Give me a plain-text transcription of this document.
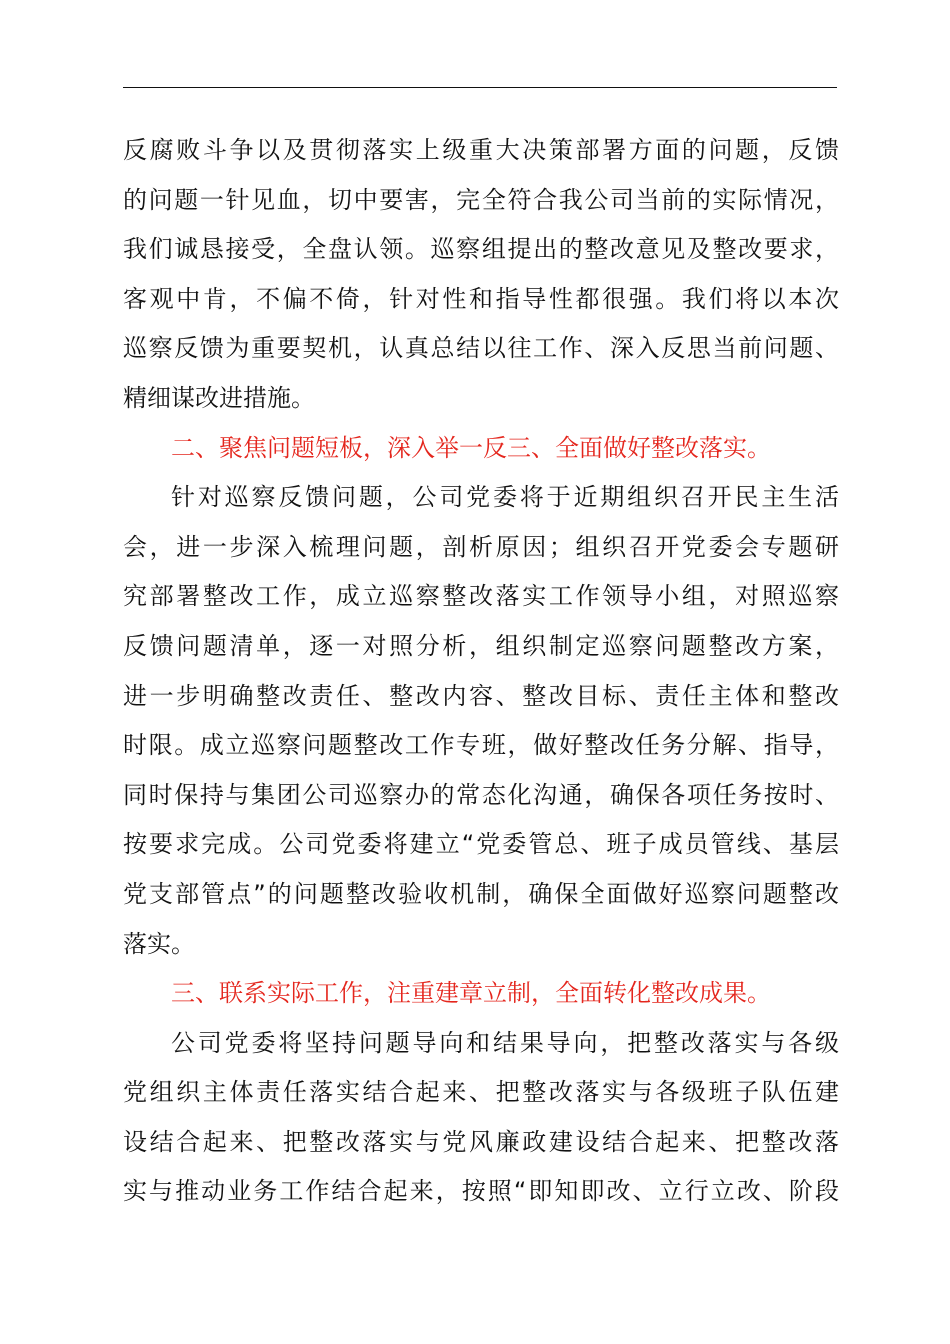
反腐败斗争以及贯彻落实上级重大决策部署方面的问题，反馈
的问题一针见血，切中要害，完全符合我公司当前的实际情况，
我们诚恳接受，全盘认领。巡察组提出的整改意见及整改要求，
客观中肯，不偏不倚，针对性和指导性都很强。我们将以本次
巡察反馈为重要契机，认真总结以往工作、深入反思当前问题、
精细谋改进措施。
二、聚焦问题短板，深入举一反三、全面做好整改落实。
针对巡察反馈问题，公司党委将于近期组织召开民主生活
会，进一步深入梳理问题，剖析原因；组织召开党委会专题研
究部署整改工作，成立巡察整改落实工作领导小组，对照巡察
反馈问题清单，逐一对照分析，组织制定巡察问题整改方案，
进一步明确整改责任、整改内容、整改目标、责任主体和整改
时限。成立巡察问题整改工作专班，做好整改任务分解、指导，
同时保持与集团公司巡察办的常态化沟通，确保各项任务按时、
按要求完成。公司党委将建立“党委管总、班子成员管线、基层
党支部管点”的问题整改验收机制，确保全面做好巡察问题整改
落实。
三、联系实际工作，注重建章立制，全面转化整改成果。
公司党委将坚持问题导向和结果导向，把整改落实与各级
党组织主体责任落实结合起来、把整改落实与各级班子队伍建
设结合起来、把整改落实与党风廉政建设结合起来、把整改落
实与推动业务工作结合起来，按照“即知即改、立行立改、阶段
